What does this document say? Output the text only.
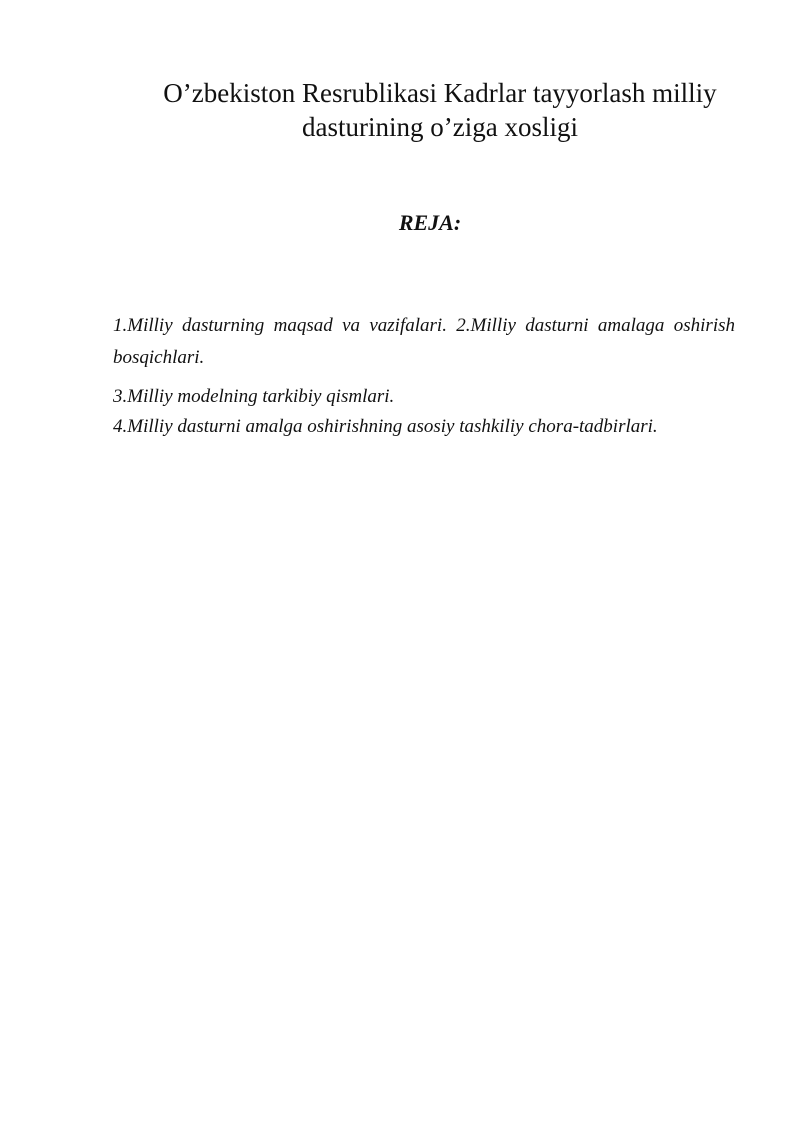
O’zbekiston Resrublikasi Kadrlar tayyorlash milliy
dasturining o’ziga xosligi
REJA:
1.Milliy dasturning maqsad va vazifalari. 2.Milliy dasturni amalaga oshirish bosqichlari.
3.Milliy modelning tarkibiy qismlari.
4.Milliy dasturni amalga oshirishning asosiy tashkiliy chora-tadbirlari.
